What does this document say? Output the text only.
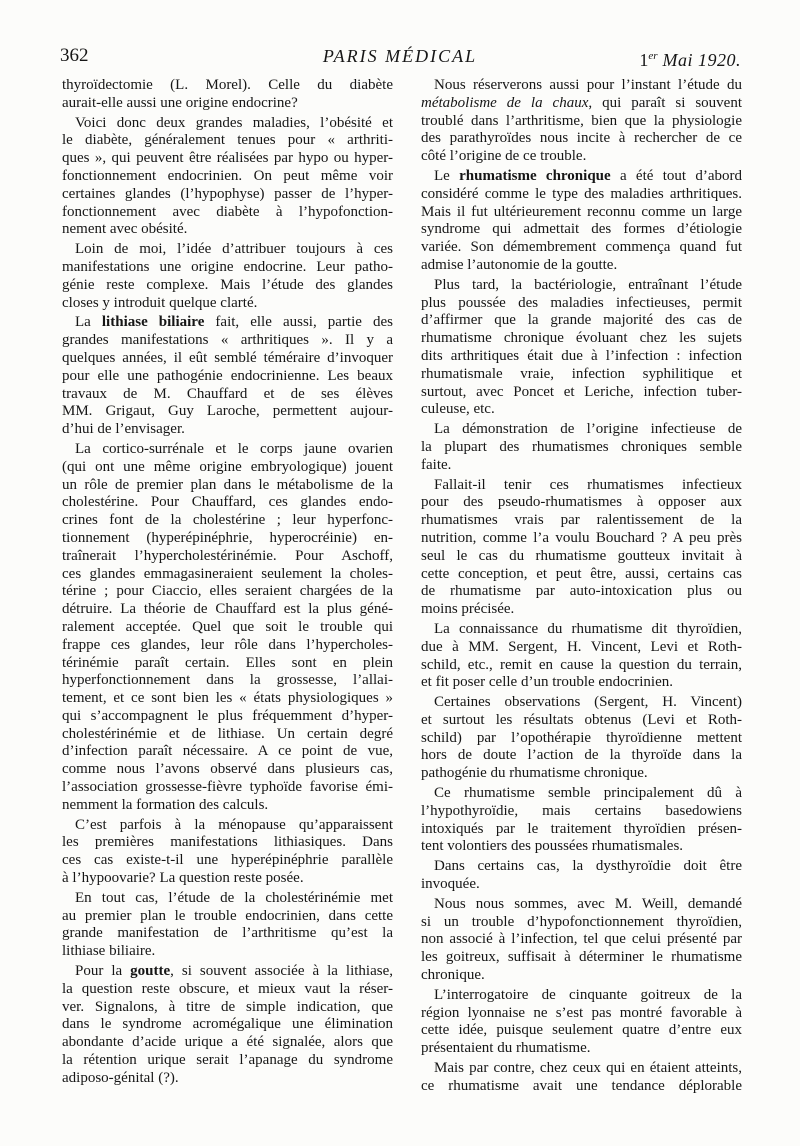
362	PARIS MÉDICAL	1er Mai 1920.
thyroïdectomie (L. Morel). Celle du diabète
aurait-elle aussi une origine endocrine?
Voici donc deux grandes maladies, l’obésité et
le diabète, généralement tenues pour « arthriti-
ques », qui peuvent être réalisées par hypo ou hyper-
fonctionnement endocrinien. On peut même voir
certaines glandes (l’hypophyse) passer de l’hyper-
fonctionnement avec diabète à l’hypofonction-
nement avec obésité.
Loin de moi, l’idée d’attribuer toujours à ces
manifestations une origine endocrine. Leur patho-
génie reste complexe. Mais l’étude des glandes
closes y introduit quelque clarté.
La lithiase biliaire fait, elle aussi, partie des
grandes manifestations « arthritiques ». Il y a
quelques années, il eût semblé téméraire d’invoquer
pour elle une pathogénie endocrinienne. Les beaux
travaux de M. Chauffard et de ses élèves
MM. Grigaut, Guy Laroche, permettent aujour-
d’hui de l’envisager.
La cortico-surrénale et le corps jaune ovarien
(qui ont une même origine embryologique) jouent
un rôle de premier plan dans le métabolisme de la
cholestérine. Pour Chauffard, ces glandes endo-
crines font de la cholestérine ; leur hyperfonc-
tionnement (hyperépinéphrie, hyperocréinie) en-
traînerait l’hypercholestérinémie. Pour Aschoff,
ces glandes emmagasineraient seulement la choles-
térine ; pour Ciaccio, elles seraient chargées de la
détruire. La théorie de Chauffard est la plus géné-
ralement acceptée. Quel que soit le trouble qui
frappe ces glandes, leur rôle dans l’hypercholes-
térinémie paraît certain. Elles sont en plein
hyperfonctionnement dans la grossesse, l’allai-
tement, et ce sont bien les « états physiologiques »
qui s’accompagnent le plus fréquemment d’hyper-
cholestérinémie et de lithiase. Un certain degré
d’infection paraît nécessaire. A ce point de vue,
comme nous l’avons observé dans plusieurs cas,
l’association grossesse-fièvre typhoïde favorise émi-
nemment la formation des calculs.
C’est parfois à la ménopause qu’apparaissent
les premières manifestations lithiasiques. Dans
ces cas existe-t-il une hyperépinéphrie parallèle
à l’hypoovarie? La question reste posée.
En tout cas, l’étude de la cholestérinémie met
au premier plan le trouble endocrinien, dans cette
grande manifestation de l’arthritisme qu’est la
lithiase biliaire.
Pour la goutte, si souvent associée à la lithiase,
la question reste obscure, et mieux vaut la réser-
ver. Signalons, à titre de simple indication, que
dans le syndrome acromégalique une élimination
abondante d’acide urique a été signalée, alors que
la rétention urique serait l’apanage du syndrome
adiposo-génital (?).
Nous réserverons aussi pour l’instant l’étude du
métabolisme de la chaux, qui paraît si souvent
troublé dans l’arthritisme, bien que la physiologie
des parathyroïdes nous incite à rechercher de ce
côté l’origine de ce trouble.
Le rhumatisme chronique a été tout d’abord
considéré comme le type des maladies arthritiques.
Mais il fut ultérieurement reconnu comme un large
syndrome qui admettait des formes d’étiologie
variée. Son démembrement commença quand fut
admise l’autonomie de la goutte.
Plus tard, la bactériologie, entraînant l’étude
plus poussée des maladies infectieuses, permit
d’affirmer que la grande majorité des cas de
rhumatisme chronique évoluant chez les sujets
dits arthritiques était due à l’infection : infection
rhumatismale vraie, infection syphilitique et
surtout, avec Poncet et Leriche, infection tuber-
culeuse, etc.
La démonstration de l’origine infectieuse de
la plupart des rhumatismes chroniques semble
faite.
Fallait-il tenir ces rhumatismes infectieux
pour des pseudo-rhumatismes à opposer aux
rhumatismes vrais par ralentissement de la
nutrition, comme l’a voulu Bouchard ? A peu près
seul le cas du rhumatisme goutteux invitait à
cette conception, et peut être, aussi, certains cas
de rhumatisme par auto-intoxication plus ou
moins précisée.
La connaissance du rhumatisme dit thyroïdien,
due à MM. Sergent, H. Vincent, Levi et Roth-
schild, etc., remit en cause la question du terrain,
et fit poser celle d’un trouble endocrinien.
Certaines observations (Sergent, H. Vincent)
et surtout les résultats obtenus (Levi et Roth-
schild) par l’opothérapie thyroïdienne mettent
hors de doute l’action de la thyroïde dans la
pathogénie du rhumatisme chronique.
Ce rhumatisme semble principalement dû à
l’hypothyroïdie, mais certains basedowiens
intoxiqués par le traitement thyroïdien présen-
tent volontiers des poussées rhumatismales.
Dans certains cas, la dysthyroïdie doit être
invoquée.
Nous nous sommes, avec M. Weill, demandé
si un trouble d’hypofonctionnement thyroïdien,
non associé à l’infection, tel que celui présenté par
les goitreux, suffisait à déterminer le rhumatisme
chronique.
L’interrogatoire de cinquante goitreux de la
région lyonnaise ne s’est pas montré favorable à
cette idée, puisque seulement quatre d’entre eux
présentaient du rhumatisme.
Mais par contre, chez ceux qui en étaient atteints,
ce rhumatisme avait une tendance déplorable
